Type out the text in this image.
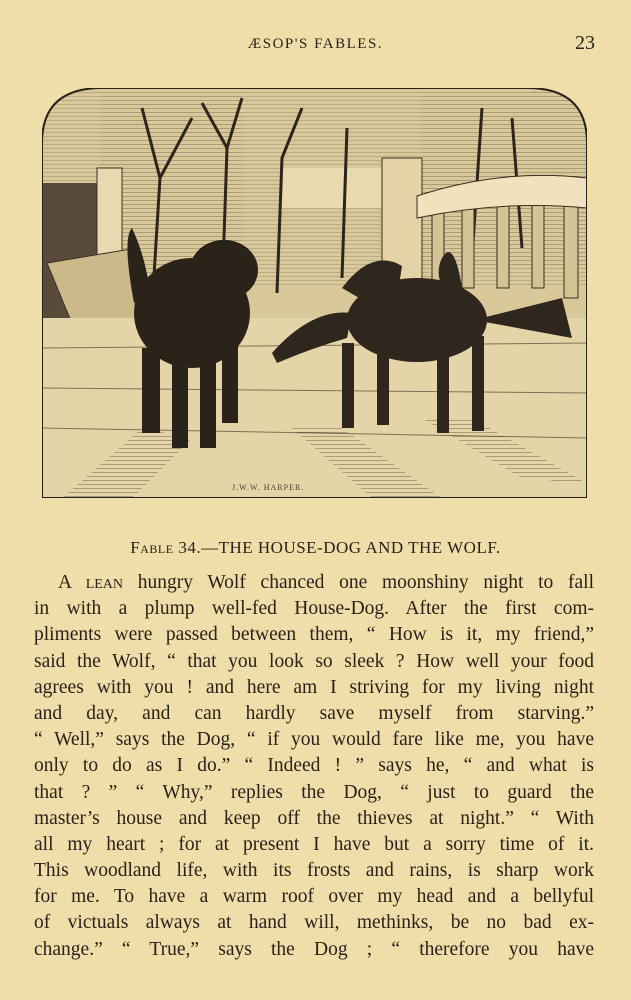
ÆSOP'S FABLES.	23
J.W.W. HARPER.
Fable 34.—THE HOUSE-DOG AND THE WOLF.
A lean hungry Wolf chanced one moonshiny night to fall
in with a plump well-fed House-Dog. After the first com-
pliments were passed between them, “ How is it, my friend,”
said the Wolf, “ that you look so sleek ? How well your food
agrees with you ! and here am I striving for my living night
and day, and can hardly save myself from starving.”
“ Well,” says the Dog, “ if you would fare like me, you have
only to do as I do.” “ Indeed ! ” says he, “ and what is
that ? ” “ Why,” replies the Dog, “ just to guard the
master’s house and keep off the thieves at night.” “ With
all my heart ; for at present I have but a sorry time of it.
This woodland life, with its frosts and rains, is sharp work
for me. To have a warm roof over my head and a bellyful
of victuals always at hand will, methinks, be no bad ex-
change.” “ True,” says the Dog ; “ therefore you have
